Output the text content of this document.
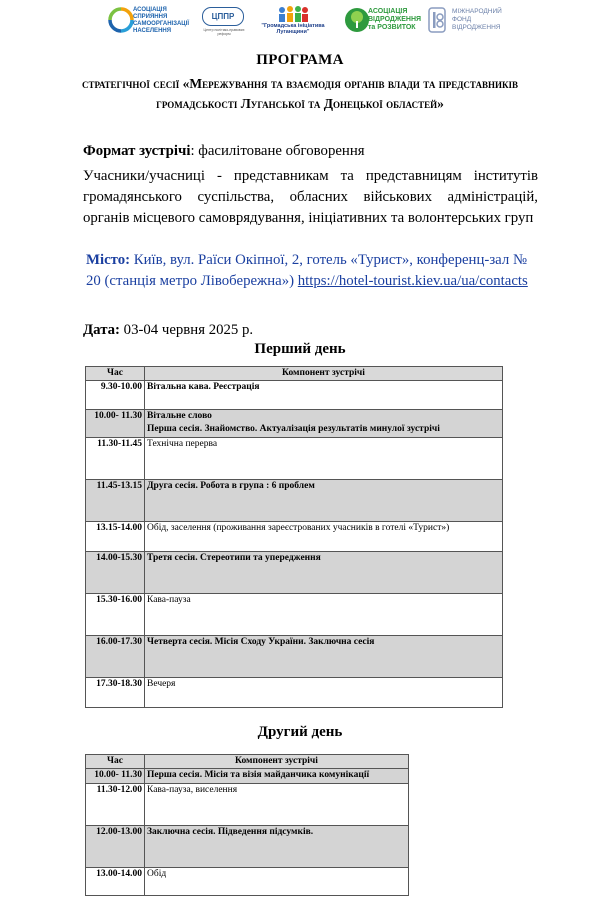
АСОЦІАЦІЯ
СПРИЯННЯ
САМООРГАНІЗАЦІЇ
НАСЕЛЕННЯ
ЦППР
Центр політико-правових реформ
"Громадська ініціатива Луганщини"
АСОЦІАЦІЯ
ВІДРОДЖЕННЯ
та РОЗВИТОК
МІЖНАРОДНИЙ
ФОНД
ВІДРОДЖЕННЯ
ПРОГРАМА
стратегічної сесії «Мережування та взаємодія органів влади та представників громадськості Луганської та Донецької областей»
Формат зустрічі: фасилітоване обговорення
Учасники/учасниці - представникам та представницям інститутів громадянського суспільства, обласних військових адміністрацій, органів місцевого самоврядування, ініціативних та волонтерських груп
Місто: Київ, вул. Раїси Окіпної, 2, готель «Турист», конференц-зал № 20 (станція метро Лівобережна») https://hotel-tourist.kiev.ua/ua/contacts
Дата: 03-04 червня 2025 р.
Перший день
Час	Компонент зустрічі
9.30-10.00	Вітальна кава. Реєстрація
10.00- 11.30	Вітальне слово
Перша сесія. Знайомство. Актуалізація результатів минулої зустрічі

11.30-11.45	Технічна перерва
11.45-13.15	Друга сесія. Робота в група : 6 проблем
13.15-14.00	Обід, заселення (проживання зареєстрованих учасників в готелі «Турист»)
14.00-15.30	Третя сесія. Стереотипи та упередження
15.30-16.00	Кава-пауза
16.00-17.30	Четверта сесія. Місія Сходу України. Заключна сесія
17.30-18.30	Вечеря
Другий день
Час	Компонент зустрічі
10.00- 11.30	Перша сесія. Місія та візія майданчика комунікації
11.30-12.00	Кава-пауза, виселення
12.00-13.00	Заключна сесія. Підведення підсумків.
13.00-14.00	Обід
